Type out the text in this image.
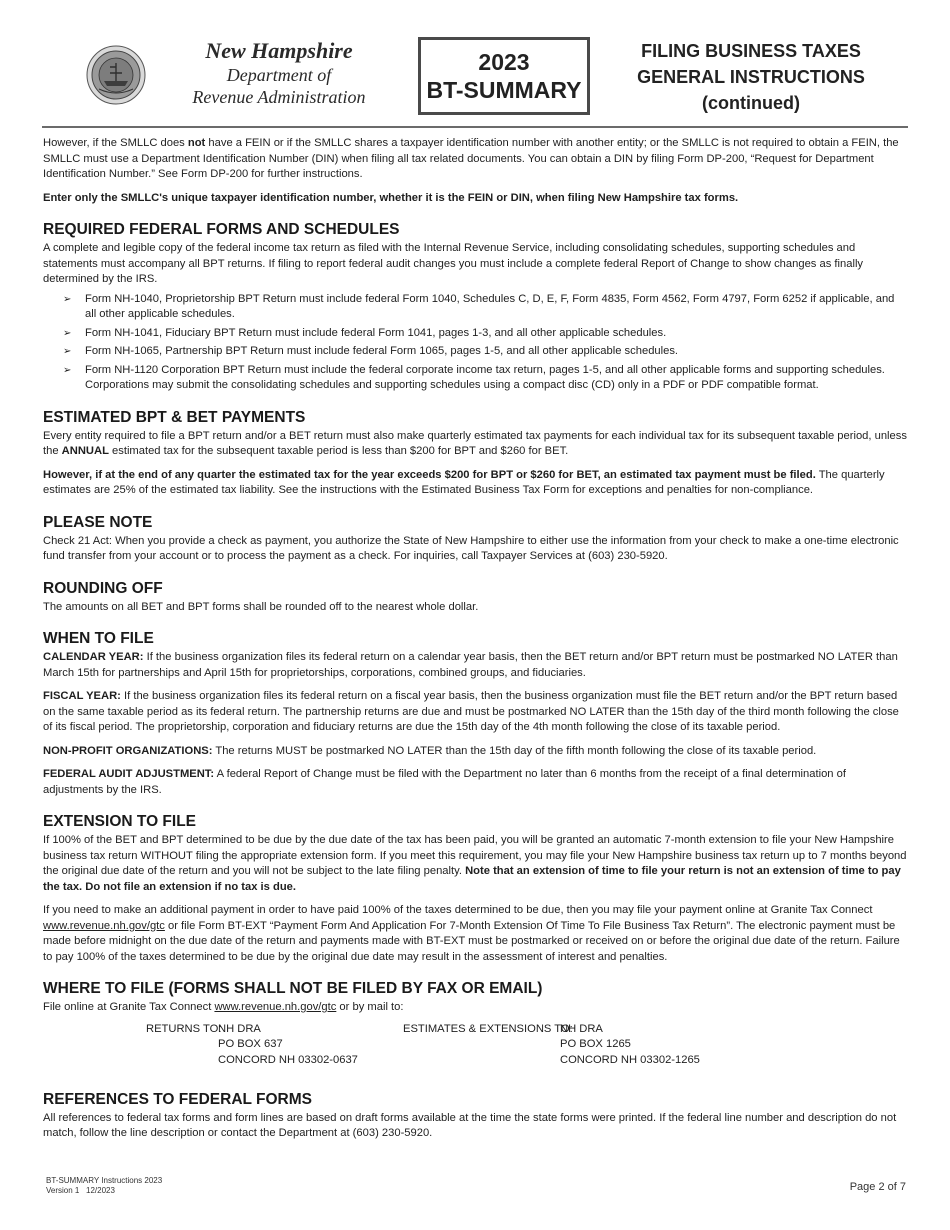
New Hampshire
Department of
Revenue Administration
2023
BT-SUMMARY
FILING BUSINESS TAXES
GENERAL INSTRUCTIONS
(continued)

However, if the SMLLC does not have a FEIN or if the SMLLC shares a taxpayer identification number with another entity; or the SMLLC is not required to obtain a FEIN, the SMLLC must use a Department Identification Number (DIN) when filing all tax related documents. You can obtain a DIN by filing Form DP-200, “Request for Department Identification Number.” See Form DP-200 for further instructions.

Enter only the SMLLC's unique taxpayer identification number, whether it is the FEIN or DIN, when filing New Hampshire tax forms.

REQUIRED FEDERAL FORMS AND SCHEDULES

A complete and legible copy of the federal income tax return as filed with the Internal Revenue Service, including consolidating schedules, supporting schedules and statements must accompany all BPT returns. If filing to report federal audit changes you must include a complete federal Report of Change to show changes as finally determined by the IRS.

➢ Form NH-1040, Proprietorship BPT Return must include federal Form 1040, Schedules C, D, E, F, Form 4835, Form 4562, Form 4797, Form 6252 if applicable, and all other applicable schedules.
➢ Form NH-1041, Fiduciary BPT Return must include federal Form 1041, pages 1-3, and all other applicable schedules.
➢ Form NH-1065, Partnership BPT Return must include federal Form 1065, pages 1-5, and all other applicable schedules.
➢ Form NH-1120 Corporation BPT Return must include the federal corporate income tax return, pages 1-5, and all other applicable forms and supporting schedules. Corporations may submit the consolidating schedules and supporting schedules using a compact disc (CD) only in a PDF or PDF compatible format.
ESTIMATED BPT & BET PAYMENTS

Every entity required to file a BPT return and/or a BET return must also make quarterly estimated tax payments for each individual tax for its subsequent taxable period, unless the ANNUAL estimated tax for the subsequent taxable period is less than $200 for BPT and $260 for BET.

However, if at the end of any quarter the estimated tax for the year exceeds $200 for BPT or $260 for BET, an estimated tax payment must be filed. The quarterly estimates are 25% of the estimated tax liability. See the instructions with the Estimated Business Tax Form for exceptions and penalties for non-compliance.

PLEASE NOTE

Check 21 Act: When you provide a check as payment, you authorize the State of New Hampshire to either use the information from your check to make a one-time electronic fund transfer from your account or to process the payment as a check. For inquiries, call Taxpayer Services at (603) 230-5920.

ROUNDING OFF

The amounts on all BET and BPT forms shall be rounded off to the nearest whole dollar.

WHEN TO FILE

CALENDAR YEAR: If the business organization files its federal return on a calendar year basis, then the BET return and/or BPT return must be postmarked NO LATER than March 15th for partnerships and April 15th for proprietorships, corporations, combined groups, and fiduciaries.

FISCAL YEAR: If the business organization files its federal return on a fiscal year basis, then the business organization must file the BET return and/or the BPT return based on the same taxable period as its federal return. The partnership returns are due and must be postmarked NO LATER than the 15th day of the third month following the close of its fiscal period. The proprietorship, corporation and fiduciary returns are due the 15th day of the 4th month following the close of its taxable period.

NON-PROFIT ORGANIZATIONS: The returns MUST be postmarked NO LATER than the 15th day of the fifth month following the close of its taxable period.

FEDERAL AUDIT ADJUSTMENT: A federal Report of Change must be filed with the Department no later than 6 months from the receipt of a final determination of adjustments by the IRS.

EXTENSION TO FILE

If 100% of the BET and BPT determined to be due by the due date of the tax has been paid, you will be granted an automatic 7-month extension to file your New Hampshire business tax return WITHOUT filing the appropriate extension form. If you meet this requirement, you may file your New Hampshire business tax return up to 7 months beyond the original due date of the return and you will not be subject to the late filing penalty. Note that an extension of time to file your return is not an extension of time to pay the tax. Do not file an extension if no tax is due.

If you need to make an additional payment in order to have paid 100% of the taxes determined to be due, then you may file your payment online at Granite Tax Connect www.revenue.nh.gov/gtc or file Form BT-EXT “Payment Form And Application For 7-Month Extension Of Time To File Business Tax Return”. The electronic payment must be made before midnight on the due date of the return and payments made with BT-EXT must be postmarked or received on or before the original due date of the return. Failure to pay 100% of the taxes determined to be due by the original due date may result in the assessment of interest and penalties.

WHERE TO FILE (FORMS SHALL NOT BE FILED BY FAX OR EMAIL)

File online at Granite Tax Connect www.revenue.nh.gov/gtc or by mail to:

RETURNS TO:
NH DRA
PO BOX 637
CONCORD NH 03302-0637
ESTIMATES & EXTENSIONS TO:
NH DRA
PO BOX 1265
CONCORD NH 03302-1265
REFERENCES TO FEDERAL FORMS

All references to federal tax forms and form lines are based on draft forms available at the time the state forms were printed. If the federal line number and description do not match, follow the line description or contact the Department at (603) 230-5920.

BT-SUMMARY Instructions 2023
Version 1   12/2023	Page 2 of 7
